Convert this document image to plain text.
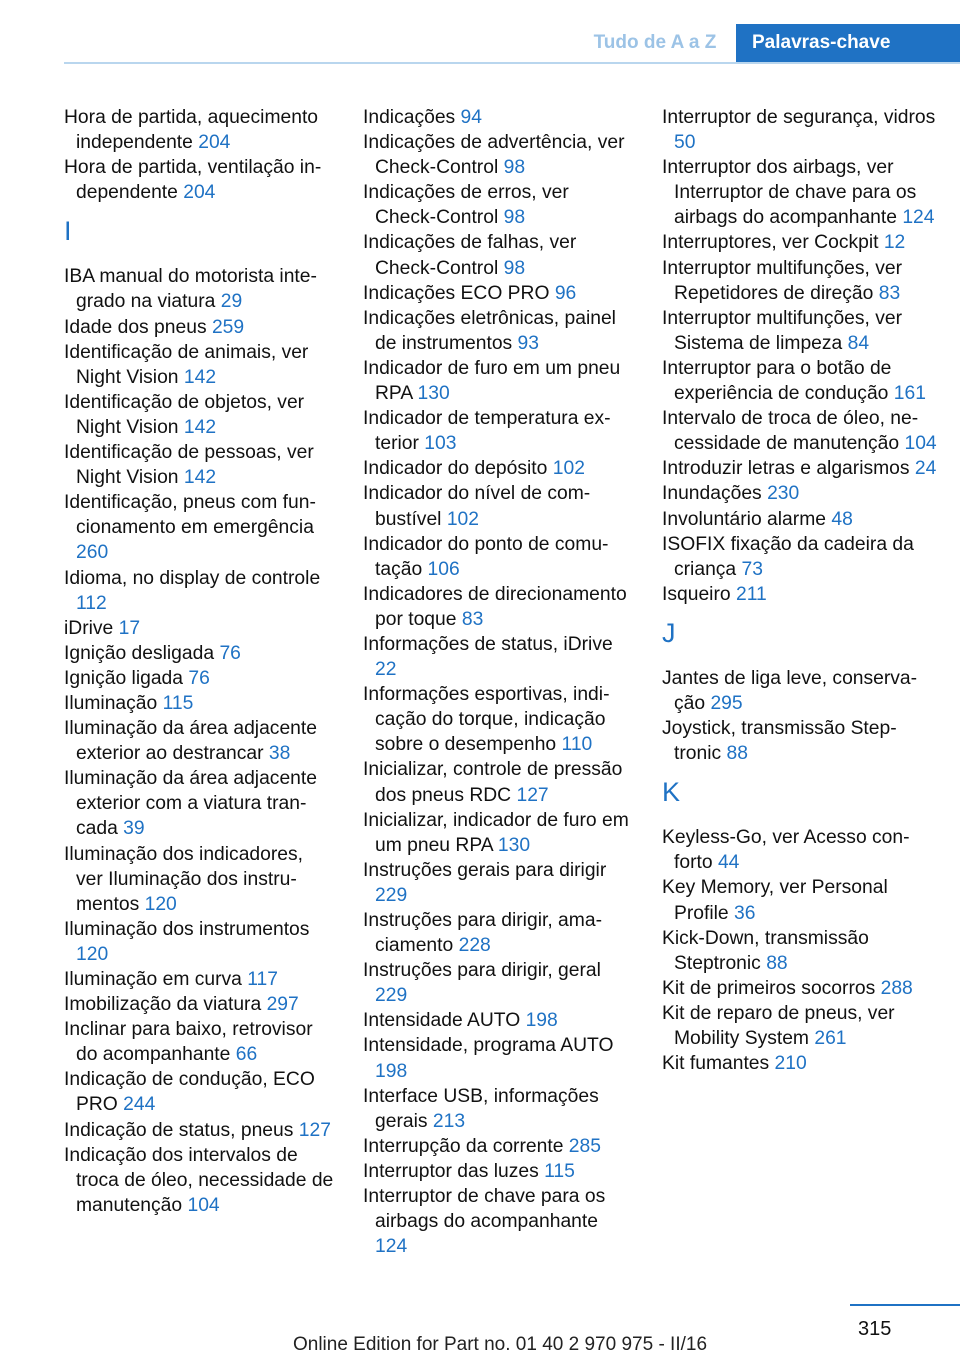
Tudo de A a Z	Palavras-chave

Hora de partida, aquecimento independente 204

Hora de partida, ventilação independente 204

I

IBA manual do motorista integrado na viatura 29

Idade dos pneus 259

Identificação de animais, ver Night Vision 142

Identificação de objetos, ver Night Vision 142

Identificação de pessoas, ver Night Vision 142

Identificação, pneus com funcionamento em emergência 260

Idioma, no display de controle 112

iDrive 17

Ignição desligada 76

Ignição ligada 76

Iluminação 115

Iluminação da área adjacente exterior ao destrancar 38

Iluminação da área adjacente exterior com a viatura trancada 39

Iluminação dos indicadores, ver Iluminação dos instrumentos 120

Iluminação dos instrumentos 120

Iluminação em curva 117

Imobilização da viatura 297

Inclinar para baixo, retrovisor do acompanhante 66

Indicação de condução, ECO PRO 244

Indicação de status, pneus 127

Indicação dos intervalos de troca de óleo, necessidade de manutenção 104

Indicações 94

Indicações de advertência, ver Check-Control 98

Indicações de erros, ver Check-Control 98

Indicações de falhas, ver Check-Control 98

Indicações ECO PRO 96

Indicações eletrônicas, painel de instrumentos 93

Indicador de furo em um pneu RPA 130

Indicador de temperatura exterior 103

Indicador do depósito 102

Indicador do nível de combustível 102

Indicador do ponto de comutação 106

Indicadores de direcionamento por toque 83

Informações de status, iDrive 22

Informações esportivas, indicação do torque, indicação sobre o desempenho 110

Inicializar, controle de pressão dos pneus RDC 127

Inicializar, indicador de furo em um pneu RPA 130

Instruções gerais para dirigir 229

Instruções para dirigir, amaciamento 228

Instruções para dirigir, geral 229

Intensidade AUTO 198

Intensidade, programa AUTO 198

Interface USB, informações gerais 213

Interrupção da corrente 285

Interruptor das luzes 115

Interruptor de chave para os airbags do acompanhante 124

Interruptor de segurança, vidros 50

Interruptor dos airbags, ver Interruptor de chave para os airbags do acompanhante 124

Interruptores, ver Cockpit 12

Interruptor multifunções, ver Repetidores de direção 83

Interruptor multifunções, ver Sistema de limpeza 84

Interruptor para o botão de experiência de condução 161

Intervalo de troca de óleo, necessidade de manutenção 104

Introduzir letras e algarismos 24

Inundações 230

Involuntário alarme 48

ISOFIX fixação da cadeira da criança 73

Isqueiro 211

J

Jantes de liga leve, conservação 295

Joystick, transmissão Steptronic 88

K

Keyless-Go, ver Acesso conforto 44

Key Memory, ver Personal Profile 36

Kick-Down, transmissão Steptronic 88

Kit de primeiros socorros 288

Kit de reparo de pneus, ver Mobility System 261

Kit fumantes 210

315
Online Edition for Part no. 01 40 2 970 975 - II/16
